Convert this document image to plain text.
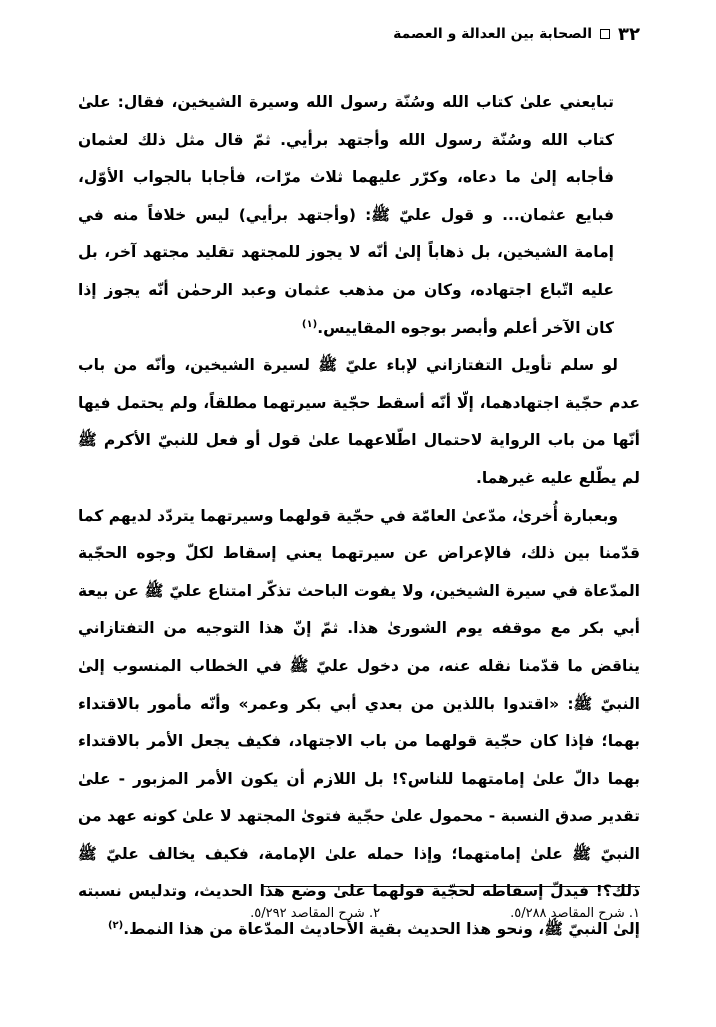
٣٢
الصحابة بين العدالة و العصمة

تبايعني علىٰ كتاب الله وسُنّة رسول الله وسيرة الشيخين، فقال: علىٰ كتاب الله وسُنّة رسول الله وأجتهد برأيي. ثمّ قال مثل ذلك لعثمان فأجابه إلىٰ ما دعاه، وكرّر عليهما ثلاث مرّات، فأجابا بالجواب الأوّل، فبايع عثمان... و قول عليّ ﷺ: (وأجتهد برأيي) ليس خلافاً منه في إمامة الشيخين، بل ذهاباً إلىٰ أنّه لا يجوز للمجتهد تقليد مجتهد آخر، بل عليه اتّباع اجتهاده، وكان من مذهب عثمان وعبد الرحمٰن أنّه يجوز إذا كان الآخر أعلم وأبصر بوجوه المقاييس.$^{(١)}$

لو سلم تأويل التفتازاني لإباء عليّ ﷺ لسيرة الشيخين، وأنّه من باب عدم حجّية اجتهادهما، إلّا أنّه أسقط حجّية سيرتهما مطلقاً، ولم يحتمل فيها أنّها من باب الرواية لاحتمال اطّلاعهما علىٰ قول أو فعل للنبيّ الأكرم ﷺ لم يطّلع عليه غيرهما.

وبعبارة أُخرىٰ، مدّعىٰ العامّة في حجّية قولهما وسيرتهما يتردّد لديهم كما قدّمنا بين ذلك، فالإعراض عن سيرتهما يعني إسقاط لكلّ وجوه الحجّية المدّعاة في سيرة الشيخين، ولا يفوت الباحث تذكّر امتناع عليّ ﷺ عن بيعة أبي بكر مع موقفه يوم الشورىٰ هذا. ثمّ إنّ هذا التوجيه من التفتازاني يناقض ما قدّمنا نقله عنه، من دخول عليّ ﷺ في الخطاب المنسوب إلىٰ النبيّ ﷺ: «اقتدوا باللذين من بعدي أبي بكر وعمر» وأنّه مأمور بالاقتداء بهما؛ فإذا كان حجّية قولهما من باب الاجتهاد، فكيف يجعل الأمر بالاقتداء بهما دالّ علىٰ إمامتهما للناس؟! بل اللازم أن يكون الأمر المزبور - علىٰ تقدير صدق النسبة - محمول علىٰ حجّية فتوىٰ المجتهد لا علىٰ كونه عهد من النبيّ ﷺ علىٰ إمامتهما؛ وإذا حمله علىٰ الإمامة، فكيف يخالف عليّ ﷺ ذلك؟! فيدلّ إسقاطه لحجّية قولهما علىٰ وضع هذا الحديث، وتدليس نسبته إلىٰ النبيّ ﷺ، ونحو هذا الحديث بقية الأحاديث المدّعاة من هذا النمط.$^{(٢)}$

١. شرح المقاصد ٥/٢٨٨.
٢. شرح المقاصد ٥/٢٩٢.
